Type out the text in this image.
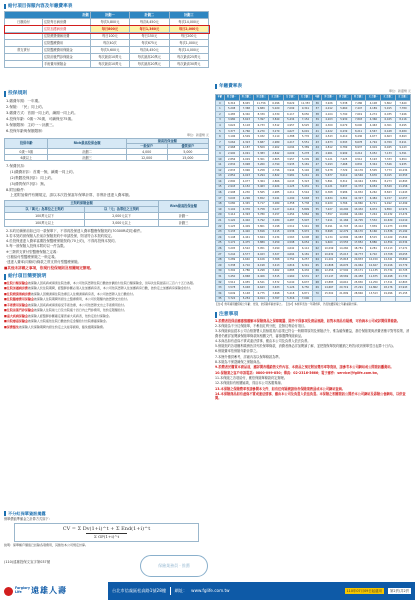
給付項目保額內容及年繳費率表
計劃		計劃一	計劃二	計劃三
日額給付	住院每日病房費	每次5,800元	每次8,450元	每次14,000元
	住院加護病房費	每日800元	每日1,360元	每日2,000元
	住院燒燙傷病房費	每日100元	每日150元	每日200元
	住院醫療費用	每次40次	每次675元	每次1,000元
實支實付	住院醫療費用保險金	每次5,600元	每次8,450元	每次14,000元
	住院前後門診保險金	每次最高10萬元	每次最高20萬元	每次最高25萬元
	手術費用保險金	每次最高10萬元	每次最高20萬元	每次最高30萬元
投保規則
1.繳費年期：一年期。
2.保險：「民」同上約。
3.繳費方式：首期一同上約，續期一同上約。
4.投保年齡：0歲～70歲，可續保至75歲。
5.保額限制：主約一～計劃三。
6.投保年齡與保額限制：
單位：新臺幣 元
投保年齡	Rich最高投保金額	最高投保金額	
		一般保戶	優質保戶
0歲～5歲	計劃二	4,000	5,000
6歲以上	計劃三	12,000	15,000
7.保費折扣：
(1)繳費折扣：首期一無，續期一同上約。
(2)集體投保折扣：同上約。
(3)優質保戶折扣：無。
8.附加條件：
上述附加條件有關規定，請以本次投保當年保單計算，非實計達達入費率額。
主契約保險金額		Rich最高投保金額
以「萬元」為單位之主契約	以「元」為單位之主契約	
100萬元以下	2,000元以下	計劃一
100萬元以上	3,000元以上	計劃三
2.本約於續保前如已同一款保單下，不得再投保達入費率醫療保險契約(70300R或同)條件。
3.若本契約被保險人於前次保險契約中申請投保，則須符合本契約規定。
4.於投保達達入費率當期投保醫療保險契約(70上約)，不得再投保本契約。
5.每一被保險人投保本附約以一件為限。
※三類實支實付型醫療保險之定義：
‧日額給付型醫療保險之一般定義。
‧達達入費率(同條約)條款之實支實付型醫療保險。
■其他未詳載之事項，依現行投保規則及相關規定辦理。
給付項目簡要說明
■住院日額保險金被保險人因疾病或傷害住院治療，本公司依其實際住院日數按計劃給付住院日額保險金，但每次住院最高以三百六十五日為限。
■住院加護病房費被保險人於住院期間，經醫師診斷必須入住加護病房者，本公司依其實際入住加護病房日數，按約定之加護病房保險金給付。
■住院燒燙傷病房費被保險人因燒燙傷住院治療且入住燒燙傷病房者，本公司按實際入住日數給付。
■住院醫療費用保險金被保險人住院期間所發生之醫療費用，本公司於限額內按實際支出給付。
■手術費用保險金被保險人因疾病或傷害接受手術治療，本公司依實際支出之手術費用給付。
■住院前後門診保險金被保險人住院前七日及出院後十四日內之門診費用，依約定限額給付。
■重大疾病保險金被保險人經醫師診斷確定罹患重大疾病者，依約定給付保險金。
■出院療養保險金被保險人出院後依住院日數按約定金額給付出院療養保險金。
■保費豁免被保險人於保險期間內發生約定之失能等級時，豁免續期保險費。
不分紅保單資訊揭露
保單價值準備金之計算方式如下：
CV = Σ Dv(1+i)^t + Σ End(1+i)^t
Σ GP(1+i)^t
說明：保單帳戶價值已扣除各項費用，其餘依本公司規定計算。
(110)遠雄投保文宣字第037號
年繳費率表
單位：新臺幣 元
年齡	男 計劃一	男 計劃二	男 計劃三	女 計劃一	女 計劃二	女 計劃三	年齡	男 計劃一	男 計劃二	男 計劃三	女 計劃一	女 計劃二	女 計劃三
0	6,316	8,945	11,756	6,096	8,629	11,353	36	3,926	5,538	7,286	4,108	5,802	7,640
1	5,208	7,368	9,689	5,020	7,099	9,341	37	4,012	5,660	7,447	4,189	5,915	7,789
2	4,485	6,340	8,339	4,330	6,117	8,050	38	4,104	5,790	7,619	4,274	6,035	7,946
3	3,980	5,623	7,397	3,849	5,434	7,152	39	4,203	5,930	7,803	4,366	6,165	8,116
4	3,624	5,118	6,733	3,512	4,957	6,525	40	4,309	6,079	8,000	4,463	6,301	8,295
5	3,377	4,766	6,270	3,279	4,627	6,091	41	4,422	6,239	8,211	4,567	6,448	8,489
6	3,196	4,509	5,932	3,110	4,388	5,776	42	4,543	6,410	8,436	4,677	6,603	8,693
7	3,064	4,323	5,687	2,989	4,217	5,551	43	4,673	6,593	8,678	4,794	6,769	8,911
8	2,968	4,187	5,509	2,902	4,094	5,389	44	4,812	6,789	8,937	4,919	6,945	9,143
9	2,900	4,091	5,383	2,842	4,009	5,278	45	4,961	6,999	9,214	5,052	7,133	9,391
10	2,856	4,029	5,301	2,805	3,957	5,209	46	5,121	7,225	9,512	5,193	7,333	9,654
11	2,834	3,998	5,260	2,790	3,935	5,181	47	5,293	7,468	9,832	5,344	7,546	9,935
12	2,833	3,996	5,258	2,796	3,944	5,192	48	5,478	7,729	10,176	5,505	7,773	10,234
13	2,852	4,023	5,294	2,822	3,981	5,241	49	5,677	8,010	10,546	5,676	8,015	10,553
14	2,890	4,077	5,364	2,866	4,043	5,323	50	5,891	8,312	10,944	5,859	8,273	10,893
15	2,943	4,152	5,463	2,924	4,125	5,431	51	6,121	8,637	11,372	6,054	8,549	11,256
16	2,998	4,230	5,565	2,985	4,211	5,544	52	6,368	8,986	11,832	6,262	8,843	11,643
17	3,045	4,296	5,652	3,041	4,290	5,648	53	6,634	9,362	12,327	6,484	9,157	12,057
18	3,080	4,345	5,717	3,089	4,358	5,738	54	6,920	9,766	12,860	6,721	9,492	12,499
19	3,102	4,376	5,758	3,127	4,412	5,809	55	7,227	10,200	13,432	6,974	9,850	12,971
20	3,114	4,393	5,780	3,157	4,454	5,864	56	7,557	10,666	14,046	7,244	10,232	13,474
21	3,120	4,402	5,792	3,180	4,487	5,907	57	7,911	11,166	14,705	7,532	10,639	14,010
22	3,125	4,409	5,801	3,198	4,512	5,941	58	8,291	11,703	15,412	7,839	11,073	14,582
23	3,133	4,420	5,816	3,215	4,536	5,972	59	8,698	12,279	16,170	8,166	11,536	15,192
24	3,148	4,441	5,844	3,234	4,563	6,008	60	9,134	12,896	16,983	8,515	12,029	15,842
25	3,172	4,475	5,889	3,259	4,598	6,054	61	9,600	13,555	17,852	8,886	12,554	16,534
26	3,205	4,522	5,951	3,290	4,642	6,112	62	10,099	14,260	18,781	9,281	13,113	17,271
27	3,244	4,577	6,023	3,327	4,694	6,181	63	10,632	15,013	19,773	9,702	13,708	18,055
28	3,289	4,640	6,106	3,368	4,752	6,257	64	11,201	15,818	20,833	10,150	14,341	18,890
29	3,338	4,710	6,198	3,413	4,816	6,341	65	11,808	16,676	21,964	10,627	15,016	19,779
30	3,392	4,786	6,298	3,462	4,885	6,432	66	12,456	17,592	23,171	11,135	15,734	20,725
31	3,450	4,868	6,406	3,515	4,960	6,531	67	13,147	18,569	24,458	11,675	16,498	21,732
32	3,512	4,955	6,521	3,572	5,040	6,637	68	13,883	19,610	25,830	12,250	17,311	22,803
33	3,578	5,048	6,643	3,633	5,126	6,750	69	14,667	20,719	27,291	12,862	18,176	23,943
34	3,649	5,148	6,775	3,698	5,218	6,871	70	15,502	21,899	28,846	13,513	19,096	25,155
35	3,724	5,254	6,914	3,767	5,316	7,000							
【註1】費率適用續保時之年齡、性別，依保險年齡計算之。 【註2】本費率表為一年期費率，仍需依續保時之年齡重新計算。
注意事項
1.消費者投保前應審慎瞭解本保險商品之保障範圍、除外不保事項及商品風險，如對本商品有疑義，可洽詢本公司或詳閱保單條款。
2.本保險為不分紅保險單，不參加紅利分配，並無紅利給付項目。
3.本保險商品經本公司合格簽署人員檢視其內容業已符合一般精算原則及保險法令，惟為確保權益，基於保險業與消費者衡平對等原則，消費者仍應詳加閱讀保險單條款與相關文件，審慎選擇保險商品。
4.本商品如有虛偽不實或違法情事，應由本公司及負責人依法負責。
5.保險契約各項權利義務皆詳列於保單條款，消費者務必詳加閱讀了解，並把握保單契約撤銷之時效(收到保單翌日起算十日內)。
6.保險費率依保險年齡計算之。
7.本簡介僅供參考，詳細內容以保單條款為準。
8.本險為不保證續保之保險商品。
9.消費者於購買本商品前，應詳閱各種銷售文件內容，本商品之預定附加費用率等資訊，請參考本公司網站或公開資訊觀測站。
10.保險業之客戶申訴電話：0800-099-850；傳真：02-2316-5666；電子郵件：service@fglife.com.tw。
11.本保險之各項給付，應依保險單條款約定辦理。
12.本保險如有相關疑義，得洽本公司客服專線。
13.本保險之保險費率表請參閱本文件，如有任何疑義請洽各保險業務員或本公司網站查詢。
14.本保險商品如有虛偽不實或違法情事，應由本公司及負責人依法負責。本保險之相關資訊公開於本公司網站及壽險公會網站，以供查閱。
保險業務員 · 推薦
Farglory Life	遠雄人壽	台北市信義區松高路1號28樓 網址： www.fglife.com.tw	110年07月09日起適用	第2頁/共2頁
